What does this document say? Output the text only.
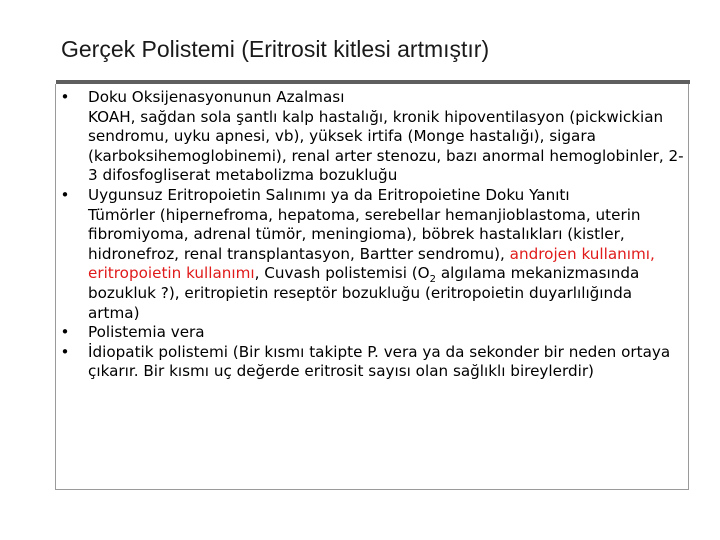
Gerçek Polistemi (Eritrosit kitlesi artmıştır)
• Doku Oksijenasyonunun Azalması
KOAH, sağdan sola şantlı kalp hastalığı, kronik hipoventilasyon (pickwickian sendromu, uyku apnesi, vb), yüksek irtifa (Monge hastalığı), sigara (karboksihemoglobinemi), renal arter stenozu, bazı anormal hemoglobinler, 2-3 difosfogliserat metabolizma bozukluğu
• Uygunsuz Eritropoietin Salınımı ya da Eritropoietine Doku Yanıtı
Tümörler (hipernefroma, hepatoma, serebellar hemanjioblastoma, uterin fibromiyoma, adrenal tümör, meningioma), böbrek hastalıkları (kistler, hidronefroz, renal transplantasyon, Bartter sendromu), androjen kullanımı, eritropoietin kullanımı, Cuvash polistemisi ($O_2$ algılama mekanizmasında bozukluk ?), eritropietin reseptör bozukluğu (eritropoietin duyarlılığında artma)
• Polistemia vera
• İdiopatik polistemi (Bir kısmı takipte P. vera ya da sekonder bir neden ortaya çıkarır. Bir kısmı uç değerde eritrosit sayısı olan sağlıklı bireylerdir)
